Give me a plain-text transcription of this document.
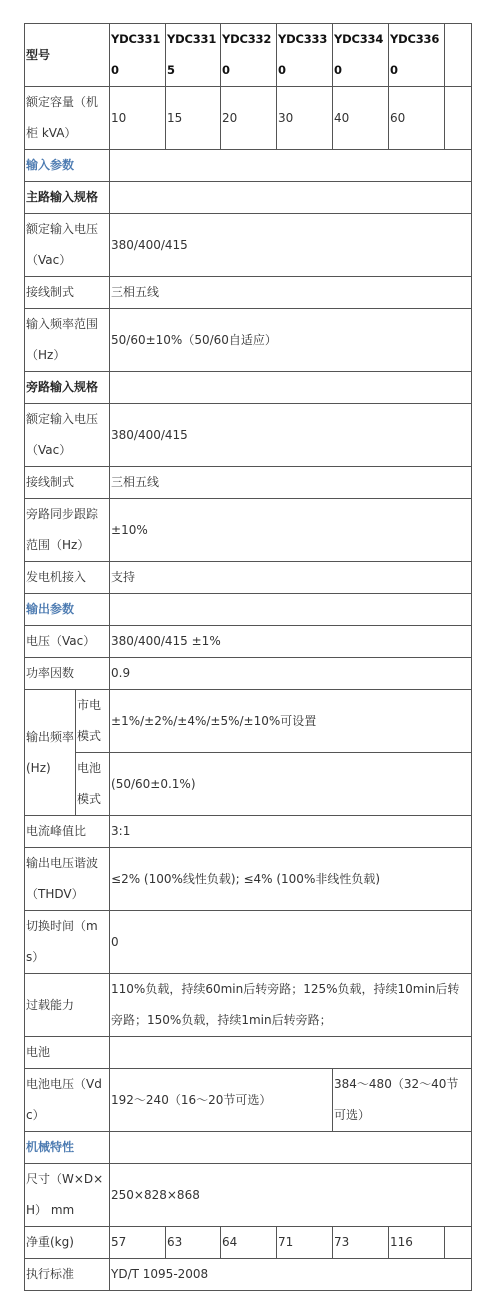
型号		YDC3310	YDC3315	YDC3320	YDC3330	YDC3340	YDC3360	
额定容量（机柜 kVA）		10	15	20	30	40	60	
输入参数								
主路输入规格								
额定输入电压（Vac）		380/400/415						
接线制式		三相五线						
输入频率范围（Hz）		50/60±10%（50/60自适应）						
旁路输入规格								
额定输入电压（Vac）		380/400/415						
接线制式		三相五线						
旁路同步跟踪范围（Hz）		±10%						
发电机接入		支持						
输出参数								
电压（Vac）		380/400/415 ±1%						
功率因数		0.9						
输出频率 (Hz)	市电模式	±1%/±2%/±4%/±5%/±10%可设置						
	电池模式	(50/60±0.1%)						
电流峰值比		3:1						
输出电压谐波（THDV）		≤2% (100%线性负载); ≤4% (100%非线性负载)						
切换时间（ms）		0						
过载能力		110%负载，持续60min后转旁路；125%负载，持续10min后转旁路；150%负载，持续1min后转旁路；						
电池								
电池电压（Vdc）		192～240（16～20节可选）				384～480（32～40节可选）		
机械特性								
尺寸（W×D×H） mm		250×828×868						
净重(kg)		57	63	64	71	73	116	
执行标准		YD/T 1095-2008						
